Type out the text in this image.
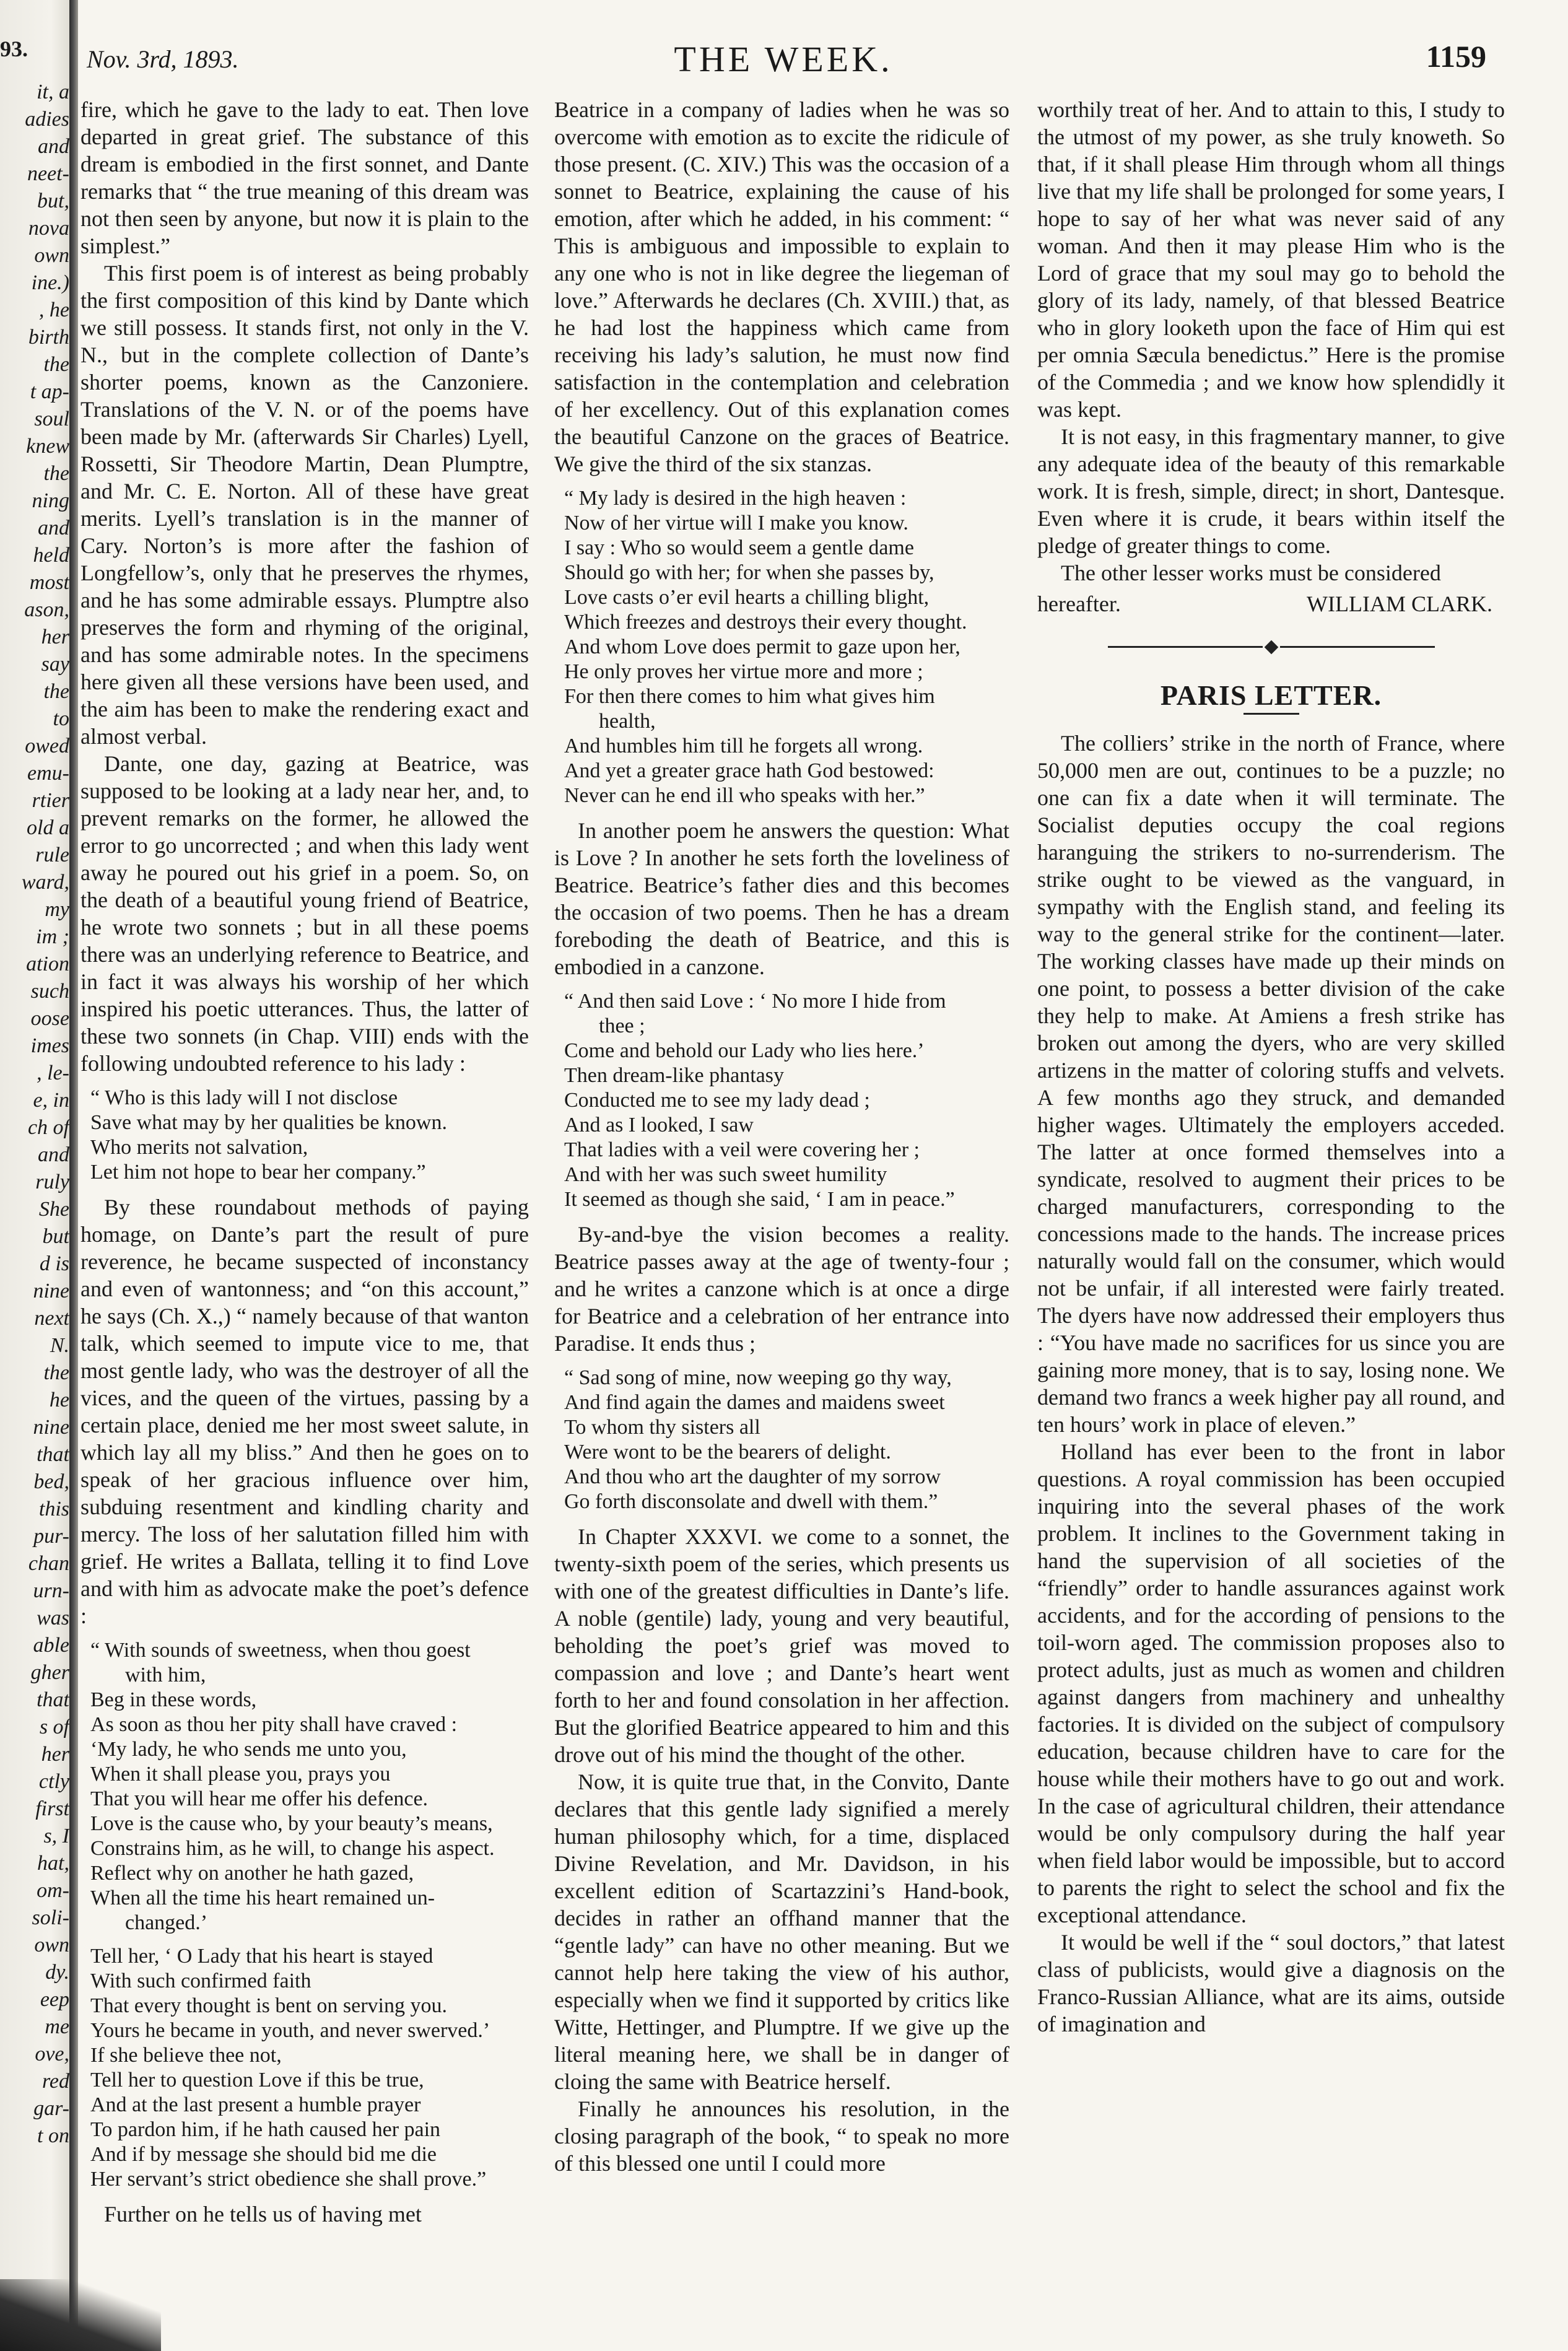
93.
it, a
adies
and
neet-
but,
nova
own
ine.)
, he
birth
the
t ap-
soul
knew
the
ning
and
held
most
ason,
her
say
the
to
owed
emu-
rtier
old a
rule
ward,
my
im ;
ation
such
oose
imes
, le-
e, in
ch of
and
ruly
She
but
d is
nine
next
N.
the
he
nine
that
bed,
this
pur-
chan
urn-
was
able
gher
that
s of
her
ctly
first
s, I
hat,
om-
soli-
own
dy.
eep
me
ove,
red
gar-
t on
Nov. 3rd, 1893.	THE WEEK.	1159

fire, which he gave to the lady to eat. Then love departed in great grief. The substance of this dream is embodied in the first sonnet, and Dante remarks that “ the true meaning of this dream was not then seen by anyone, but now it is plain to the simplest.”

This first poem is of interest as being probably the first composition of this kind by Dante which we still possess. It stands first, not only in the V. N., but in the complete collection of Dante’s shorter poems, known as the Canzoniere. Translations of the V. N. or of the poems have been made by Mr. (afterwards Sir Charles) Lyell, Rossetti, Sir Theodore Martin, Dean Plumptre, and Mr. C. E. Norton. All of these have great merits. Lyell’s translation is in the manner of Cary. Norton’s is more after the fashion of Longfellow’s, only that he preserves the rhymes, and he has some admirable essays. Plumptre also preserves the form and rhyming of the original, and has some admirable notes. In the specimens here given all these versions have been used, and the aim has been to make the rendering exact and almost verbal.

Dante, one day, gazing at Beatrice, was supposed to be looking at a lady near her, and, to prevent remarks on the former, he allowed the error to go uncorrected ; and when this lady went away he poured out his grief in a poem. So, on the death of a beautiful young friend of Beatrice, he wrote two sonnets ; but in all these poems there was an underlying reference to Beatrice, and in fact it was always his worship of her which inspired his poetic utterances. Thus, the latter of these two sonnets (in Chap. VIII) ends with the following undoubted reference to his lady :

“ Who is this lady will I not disclose
Save what may by her qualities be known.
Who merits not salvation,
Let him not hope to bear her company.”

By these roundabout methods of paying homage, on Dante’s part the result of pure reverence, he became suspected of inconstancy and even of wantonness; and “on this account,” he says (Ch. X.,) “ namely because of that wanton talk, which seemed to impute vice to me, that most gentle lady, who was the destroyer of all the vices, and the queen of the virtues, passing by a certain place, denied me her most sweet salute, in which lay all my bliss.” And then he goes on to speak of her gracious influence over him, subduing resentment and kindling charity and mercy. The loss of her salutation filled him with grief. He writes a Ballata, telling it to find Love and with him as advocate make the poet’s defence :

“ With sounds of sweetness, when thou goest
with him,
Beg in these words,
As soon as thou her pity shall have craved :
‘My lady, he who sends me unto you,
When it shall please you, prays you
That you will hear me offer his defence.
Love is the cause who, by your beauty’s means,
Constrains him, as he will, to change his aspect.
Reflect why on another he hath gazed,
When all the time his heart remained un-
changed.’
Tell her, ‘ O Lady that his heart is stayed
With such confirmed faith
That every thought is bent on serving you.
Yours he became in youth, and never swerved.’
If she believe thee not,
Tell her to question Love if this be true,
And at the last present a humble prayer
To pardon him, if he hath caused her pain
And if by message she should bid me die
Her servant’s strict obedience she shall prove.”

Further on he tells us of having met

Beatrice in a company of ladies when he was so overcome with emotion as to excite the ridicule of those present. (C. XIV.) This was the occasion of a sonnet to Beatrice, explaining the cause of his emotion, after which he added, in his comment: “ This is ambiguous and impossible to explain to any one who is not in like degree the liegeman of love.” Afterwards he declares (Ch. XVIII.) that, as he had lost the happiness which came from receiving his lady’s salution, he must now find satisfaction in the contemplation and celebration of her excellency. Out of this explanation comes the beautiful Canzone on the graces of Beatrice. We give the third of the six stanzas.

“ My lady is desired in the high heaven :
Now of her virtue will I make you know.
I say : Who so would seem a gentle dame
Should go with her; for when she passes by,
Love casts o’er evil hearts a chilling blight,
Which freezes and destroys their every thought.
And whom Love does permit to gaze upon her,
He only proves her virtue more and more ;
For then there comes to him what gives him
health,
And humbles him till he forgets all wrong.
And yet a greater grace hath God bestowed:
Never can he end ill who speaks with her.”

In another poem he answers the question: What is Love ? In another he sets forth the loveliness of Beatrice. Beatrice’s father dies and this becomes the occasion of two poems. Then he has a dream foreboding the death of Beatrice, and this is embodied in a canzone.

“ And then said Love : ‘ No more I hide from
thee ;
Come and behold our Lady who lies here.’
Then dream-like phantasy
Conducted me to see my lady dead ;
And as I looked, I saw
That ladies with a veil were covering her ;
And with her was such sweet humility
It seemed as though she said, ‘ I am in peace.”

By-and-bye the vision becomes a reality. Beatrice passes away at the age of twenty-four ; and he writes a canzone which is at once a dirge for Beatrice and a celebration of her entrance into Paradise. It ends thus ;

“ Sad song of mine, now weeping go thy way,
And find again the dames and maidens sweet
To whom thy sisters all
Were wont to be the bearers of delight.
And thou who art the daughter of my sorrow
Go forth disconsolate and dwell with them.”

In Chapter XXXVI. we come to a sonnet, the twenty-sixth poem of the series, which presents us with one of the greatest difficulties in Dante’s life. A noble (gentile) lady, young and very beautiful, beholding the poet’s grief was moved to compassion and love ; and Dante’s heart went forth to her and found consolation in her affection. But the glorified Beatrice appeared to him and this drove out of his mind the thought of the other.

Now, it is quite true that, in the Convito, Dante declares that this gentle lady signified a merely human philosophy which, for a time, displaced Divine Revelation, and Mr. Davidson, in his excellent edition of Scartazzini’s Hand-book, decides in rather an offhand manner that the “gentle lady” can have no other meaning. But we cannot help here taking the view of his author, especially when we find it supported by critics like Witte, Hettinger, and Plumptre. If we give up the literal meaning here, we shall be in danger of cloing the same with Beatrice herself.

Finally he announces his resolution, in the closing paragraph of the book, “ to speak no more of this blessed one until I could more

worthily treat of her. And to attain to this, I study to the utmost of my power, as she truly knoweth. So that, if it shall please Him through whom all things live that my life shall be prolonged for some years, I hope to say of her what was never said of any woman. And then it may please Him who is the Lord of grace that my soul may go to behold the glory of its lady, namely, of that blessed Beatrice who in glory looketh upon the face of Him qui est per omnia Sæcula benedictus.” Here is the promise of the Commedia ; and we know how splendidly it was kept.

It is not easy, in this fragmentary manner, to give any adequate idea of the beauty of this remarkable work. It is fresh, simple, direct; in short, Dantesque. Even where it is crude, it bears within itself the pledge of greater things to come.

The other lesser works must be considered

hereafter.	WILLIAM CLARK.
PARIS LETTER.

The colliers’ strike in the north of France, where 50,000 men are out, continues to be a puzzle; no one can fix a date when it will terminate. The Socialist deputies occupy the coal regions haranguing the strikers to no-surrenderism. The strike ought to be viewed as the vanguard, in sympathy with the English stand, and feeling its way to the general strike for the continent—later. The working classes have made up their minds on one point, to possess a better division of the cake they help to make. At Amiens a fresh strike has broken out among the dyers, who are very skilled artizens in the matter of coloring stuffs and velvets. A few months ago they struck, and demanded higher wages. Ultimately the employers acceded. The latter at once formed themselves into a syndicate, resolved to augment their prices to be charged manufacturers, corresponding to the concessions made to the hands. The increase prices naturally would fall on the consumer, which would not be unfair, if all interested were fairly treated. The dyers have now addressed their employers thus : “You have made no sacrifices for us since you are gaining more money, that is to say, losing none. We demand two francs a week higher pay all round, and ten hours’ work in place of eleven.”

Holland has ever been to the front in labor questions. A royal commission has been occupied inquiring into the several phases of the work problem. It inclines to the Government taking in hand the supervision of all societies of the “friendly” order to handle assurances against work accidents, and for the according of pensions to the toil-worn aged. The commission proposes also to protect adults, just as much as women and children against dangers from machinery and unhealthy factories. It is divided on the subject of compulsory education, because children have to care for the house while their mothers have to go out and work. In the case of agricultural children, their attendance would be only compulsory during the half year when field labor would be impossible, but to accord to parents the right to select the school and fix the exceptional attendance.

It would be well if the “ soul doctors,” that latest class of publicists, would give a diagnosis on the Franco-Russian Alliance, what are its aims, outside of imagination and
